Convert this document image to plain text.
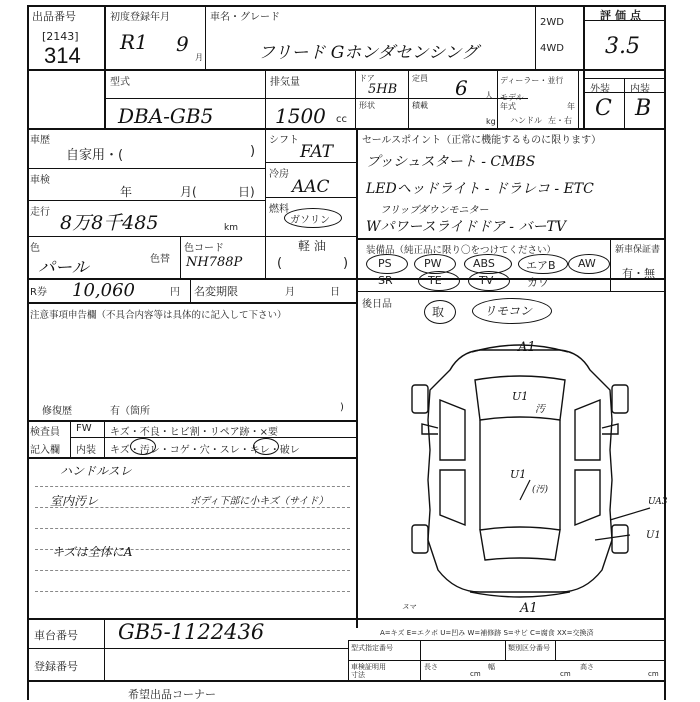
出品番号
[2143]
314
初度登録年月
R1 9
月
車名・グレード
フリード Gホンダセンシング
2WD
4WD
評価点
3.5
外装 内装
C B
型式
DBA-GB5
排気量
1500 cc
ドア
5HB
形状
定員 6 人
積載
kg
ディーラー・並行
モデル
年式	年
ハンドル 左・右
車歴
自家用・(	)
車検
年	月(	日)
走行 8万8千485	km
色
パール	色替
色コード
NH788P
シフト
FAT
冷房
AAC
燃料
ガソリン
軽 油
(	)
R券 10,060	円 名変期限	月	日
注意事項申告欄（不具合内容等は具体的に記入して下さい）
修復歴	有（箇所	)
検査員
記入欄
FW キズ・不良・ヒビ割・リペア跡・×要
内装 キズ・汚レ・コゲ・穴・スレ・キレ・破レ
ハンドルスレ
室内汚レ	ボディ下部に小キズ（サイド）
キズは全体にA
セールスポイント（正常に機能するものに限ります）
プッシュスタート - CMBS
LEDヘッドライト - ドラレコ - ETC
フリップダウンモニター
Wパワースライドドア - バーTV
装備品（純正品に限り〇をつけてください）	新車保証書
有・無
PS	PW	ABS	エアB AW
SR	TE	TV	カワ
後日品
取	リモコン
A1
A1
U1
汚
U1
(汚)
UA3
U1
スマ
A=キズ E=エクボ U=凹み W=補修跡 S=サビ C=腐食 XX=交換済
車台番号 GB5-1122436
登録番号
型式指定番号	類別区分番号
車検証明用
寸法
長さ	幅	高さ
cm	cm	cm
希望出品コーナー
